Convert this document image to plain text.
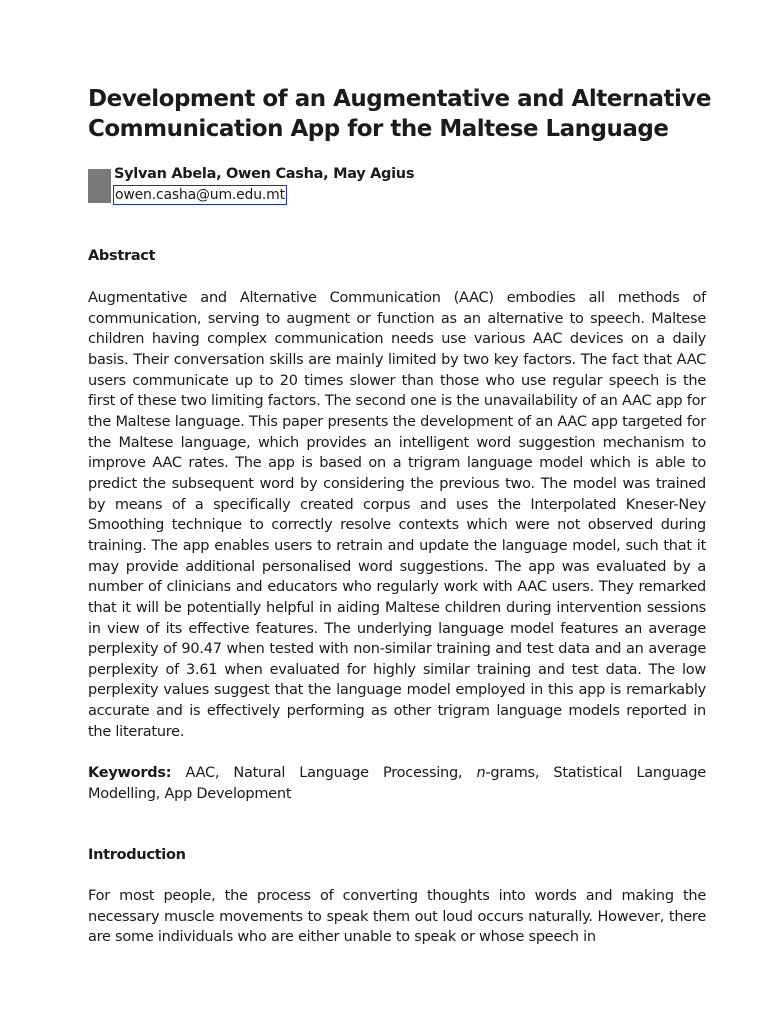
Development of an Augmentative and Alternative Communication App for the Maltese Language
Sylvan Abela, Owen Casha, May Agius
owen.casha@um.edu.mt
Abstract

Augmentative and Alternative Communication (AAC) embodies all methods of communication, serving to augment or function as an alternative to speech. Maltese children having complex communication needs use various AAC devices on a daily basis. Their conversation skills are mainly limited by two key factors. The fact that AAC users communicate up to 20 times slower than those who use regular speech is the first of these two limiting factors. The second one is the unavailability of an AAC app for the Maltese language. This paper presents the development of an AAC app targeted for the Maltese language, which provides an intelligent word suggestion mechanism to improve AAC rates. The app is based on a trigram language model which is able to predict the subsequent word by considering the previous two. The model was trained by means of a specifically created corpus and uses the Interpolated Kneser-Ney Smoothing technique to correctly resolve contexts which were not observed during training. The app enables users to retrain and update the language model, such that it may provide additional personalised word suggestions. The app was evaluated by a number of clinicians and educators who regularly work with AAC users. They remarked that it will be potentially helpful in aiding Maltese children during intervention sessions in view of its effective features. The underlying language model features an average perplexity of 90.47 when tested with non-similar training and test data and an average perplexity of 3.61 when evaluated for highly similar training and test data. The low perplexity values suggest that the language model employed in this app is remarkably accurate and is effectively performing as other trigram language models reported in the literature.

Keywords: AAC, Natural Language Processing, n-grams, Statistical Language Modelling, App Development

Introduction

For most people, the process of converting thoughts into words and making the necessary muscle movements to speak them out loud occurs naturally. However, there are some individuals who are either unable to speak or whose speech in
